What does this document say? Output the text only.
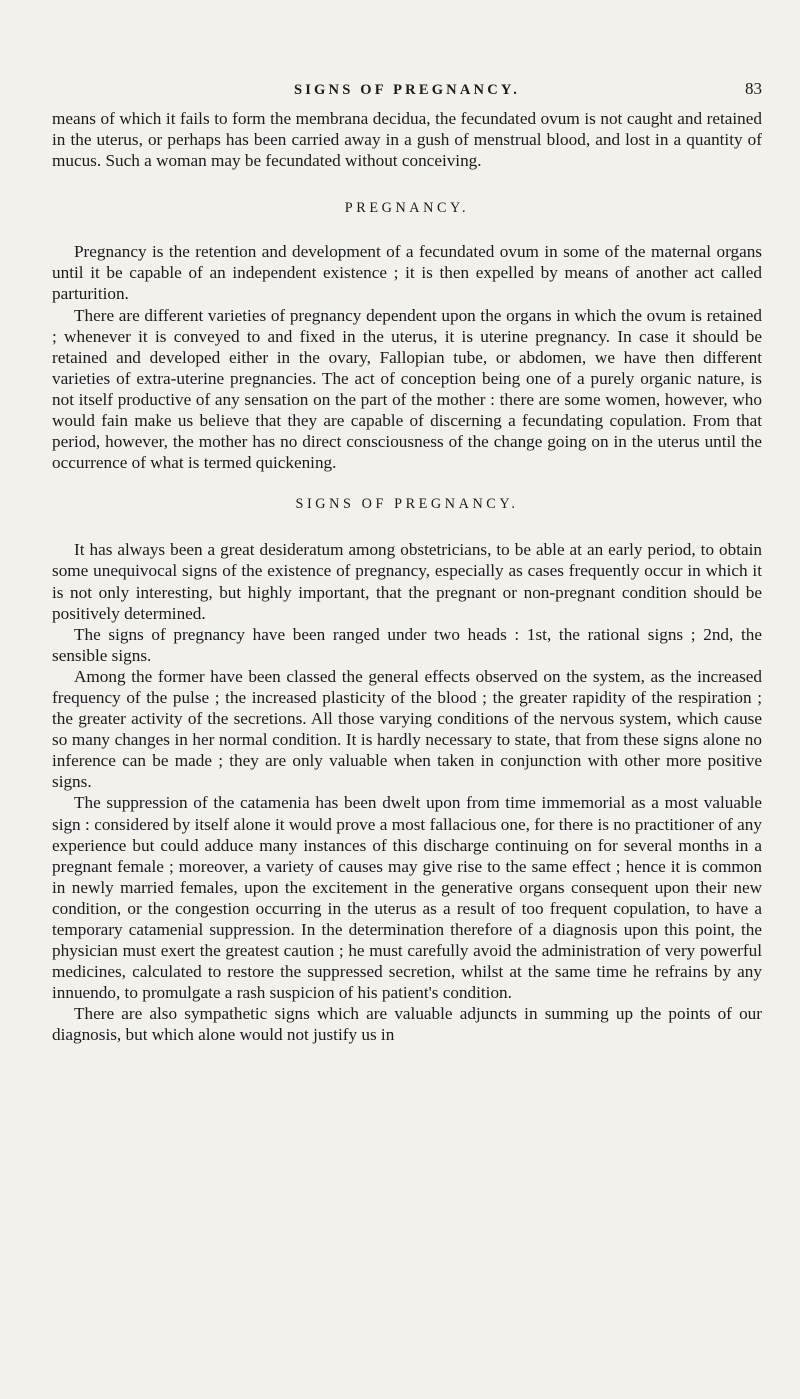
SIGNS OF PREGNANCY.	83

means of which it fails to form the membrana decidua, the fecundated ovum is not caught and retained in the uterus, or perhaps has been carried away in a gush of menstrual blood, and lost in a quantity of mucus. Such a woman may be fecundated without conceiving.

PREGNANCY.

Pregnancy is the retention and development of a fecundated ovum in some of the maternal organs until it be capable of an independent existence ; it is then expelled by means of another act called parturition.

There are different varieties of pregnancy dependent upon the organs in which the ovum is retained ; whenever it is conveyed to and fixed in the uterus, it is uterine pregnancy. In case it should be retained and developed either in the ovary, Fallopian tube, or abdomen, we have then different varieties of extra-uterine pregnancies. The act of conception being one of a purely organic nature, is not itself productive of any sensation on the part of the mother : there are some women, however, who would fain make us believe that they are capable of discerning a fecundating copulation. From that period, however, the mother has no direct consciousness of the change going on in the uterus until the occurrence of what is termed quickening.

SIGNS OF PREGNANCY.

It has always been a great desideratum among obstetricians, to be able at an early period, to obtain some unequivocal signs of the existence of pregnancy, especially as cases frequently occur in which it is not only interesting, but highly important, that the pregnant or non-pregnant condition should be positively determined.

The signs of pregnancy have been ranged under two heads : 1st, the rational signs ; 2nd, the sensible signs.

Among the former have been classed the general effects observed on the system, as the increased frequency of the pulse ; the increased plasticity of the blood ; the greater rapidity of the respiration ; the greater activity of the secretions. All those varying conditions of the nervous system, which cause so many changes in her normal condition. It is hardly necessary to state, that from these signs alone no inference can be made ; they are only valuable when taken in conjunction with other more positive signs.

The suppression of the catamenia has been dwelt upon from time immemorial as a most valuable sign : considered by itself alone it would prove a most fallacious one, for there is no practitioner of any experience but could adduce many instances of this discharge continuing on for several months in a pregnant female ; moreover, a variety of causes may give rise to the same effect ; hence it is common in newly married females, upon the excitement in the generative organs consequent upon their new condition, or the congestion occurring in the uterus as a result of too frequent copulation, to have a temporary catamenial suppression. In the determination therefore of a diagnosis upon this point, the physician must exert the greatest caution ; he must carefully avoid the administration of very powerful medicines, calculated to restore the suppressed secretion, whilst at the same time he refrains by any innuendo, to promulgate a rash suspicion of his patient's condition.

There are also sympathetic signs which are valuable adjuncts in summing up the points of our diagnosis, but which alone would not justify us in
